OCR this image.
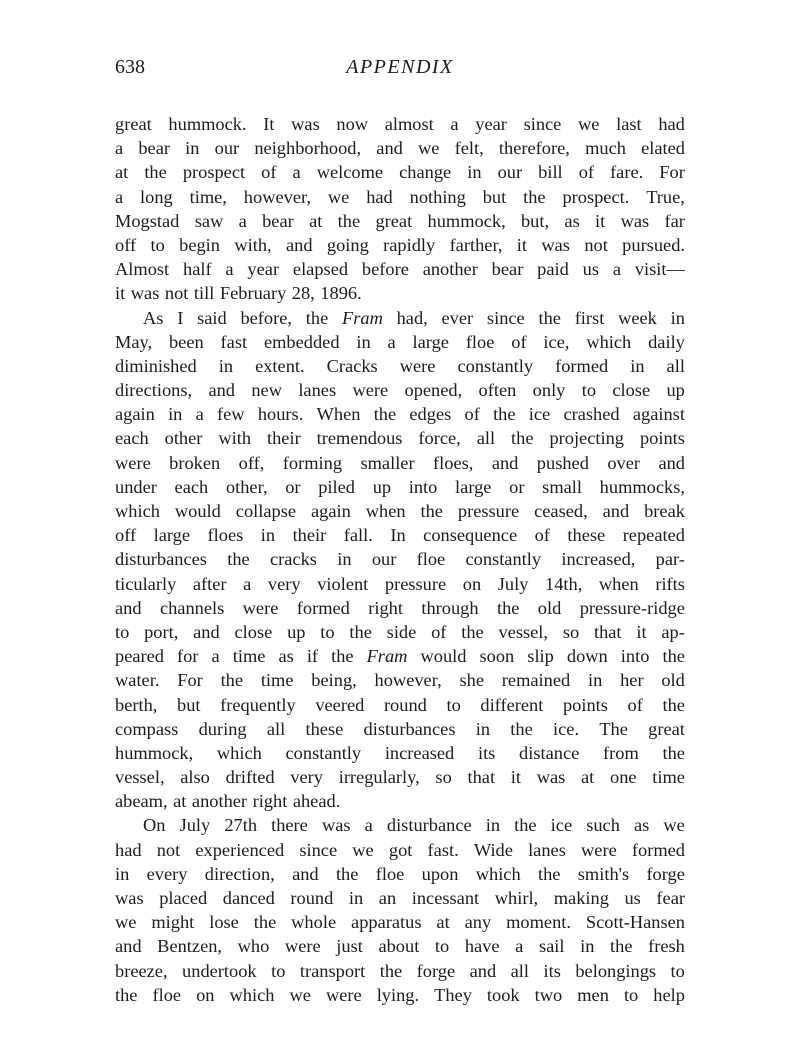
638	APPENDIX
great hummock. It was now almost a year since we last had
a bear in our neighborhood, and we felt, therefore, much elated
at the prospect of a welcome change in our bill of fare. For
a long time, however, we had nothing but the prospect. True,
Mogstad saw a bear at the great hummock, but, as it was far
off to begin with, and going rapidly farther, it was not pursued.
Almost half a year elapsed before another bear paid us a visit—
it was not till February 28, 1896.
As I said before, the Fram had, ever since the first week in
May, been fast embedded in a large floe of ice, which daily
diminished in extent. Cracks were constantly formed in all
directions, and new lanes were opened, often only to close up
again in a few hours. When the edges of the ice crashed against
each other with their tremendous force, all the projecting points
were broken off, forming smaller floes, and pushed over and
under each other, or piled up into large or small hummocks,
which would collapse again when the pressure ceased, and break
off large floes in their fall. In consequence of these repeated
disturbances the cracks in our floe constantly increased, par-
ticularly after a very violent pressure on July 14th, when rifts
and channels were formed right through the old pressure-ridge
to port, and close up to the side of the vessel, so that it ap-
peared for a time as if the Fram would soon slip down into the
water. For the time being, however, she remained in her old
berth, but frequently veered round to different points of the
compass during all these disturbances in the ice. The great
hummock, which constantly increased its distance from the
vessel, also drifted very irregularly, so that it was at one time
abeam, at another right ahead.
On July 27th there was a disturbance in the ice such as we
had not experienced since we got fast. Wide lanes were formed
in every direction, and the floe upon which the smith's forge
was placed danced round in an incessant whirl, making us fear
we might lose the whole apparatus at any moment. Scott-Hansen
and Bentzen, who were just about to have a sail in the fresh
breeze, undertook to transport the forge and all its belongings to
the floe on which we were lying. They took two men to help
